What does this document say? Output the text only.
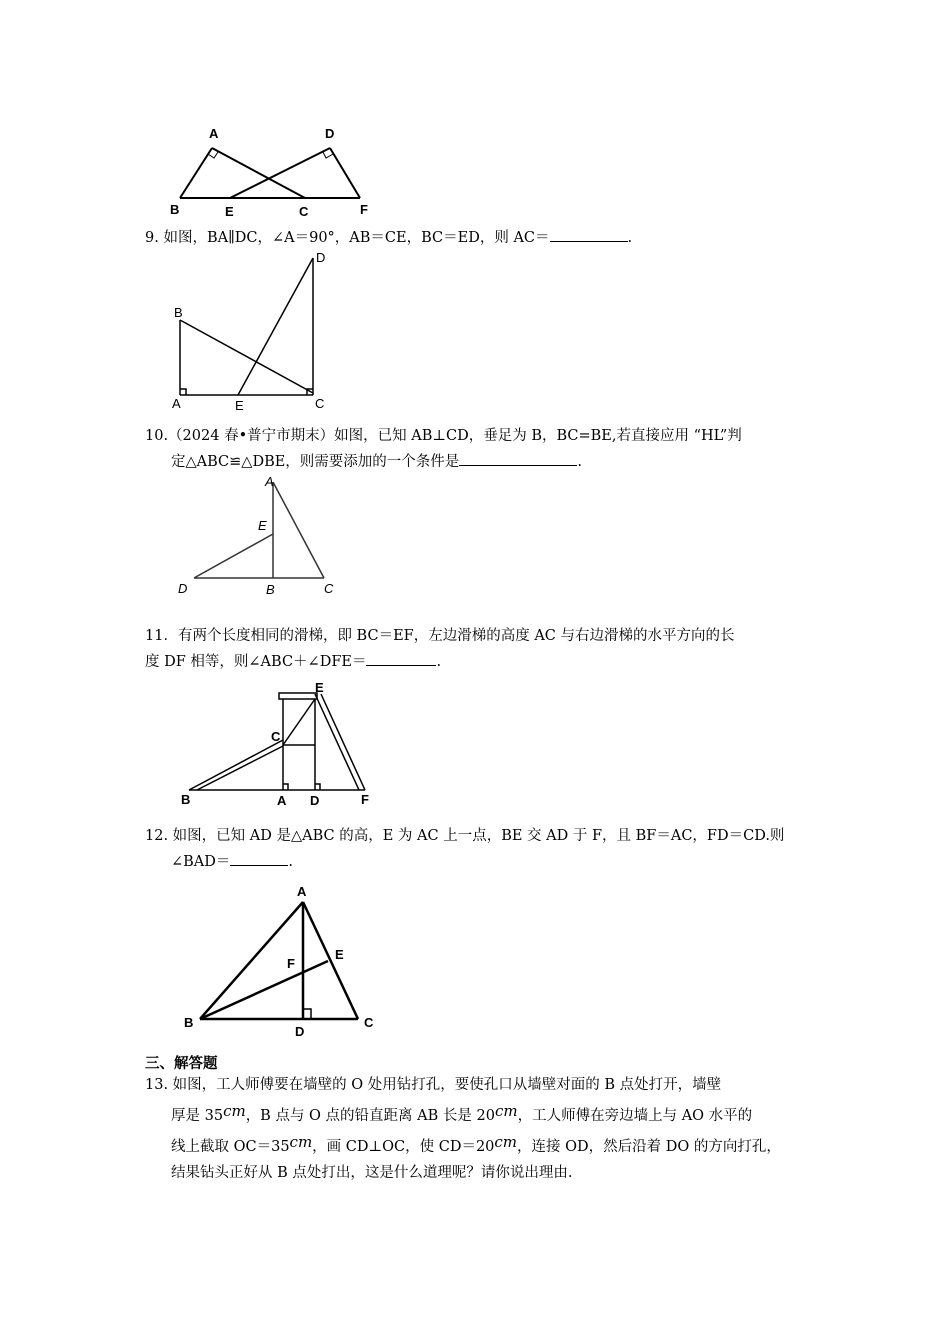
A	D
B	E	C	F
9. 如图，BA∥DC，∠A＝90°，AB＝CE，BC＝ED，则 AC＝	.
D
B
A	E	C
10.（2024 春•普宁市期末）如图，已知 AB⊥CD，垂足为 B，BC=BE,若直接应用 “HL”判
定△ABC≌△DBE，则需要添加的一个条件是	.
A
E
D	B	C
11．有两个长度相同的滑梯，即 BC＝EF，左边滑梯的高度 AC 与右边滑梯的水平方向的长
度 DF 相等，则∠ABC＋∠DFE＝	.
E
C
B	A D	F
12. 如图，已知 AD 是△ABC 的高，E 为 AC 上一点，BE 交 AD 于 F，且 BF＝AC，FD＝CD.则
∠BAD＝	.
A
E
F
B
D
C
三、解答题
13. 如图，工人师傅要在墙壁的 O 处用钻打孔，要使孔口从墙壁对面的 B 点处打开，墙壁
厚是 35cm，B 点与 O 点的铅直距离 AB 长是 20cm，工人师傅在旁边墙上与 AO 水平的
线上截取 OC＝35cm，画 CD⊥OC，使 CD＝20cm，连接 OD，然后沿着 DO 的方向打孔，
结果钻头正好从 B 点处打出，这是什么道理呢？请你说出理由.
